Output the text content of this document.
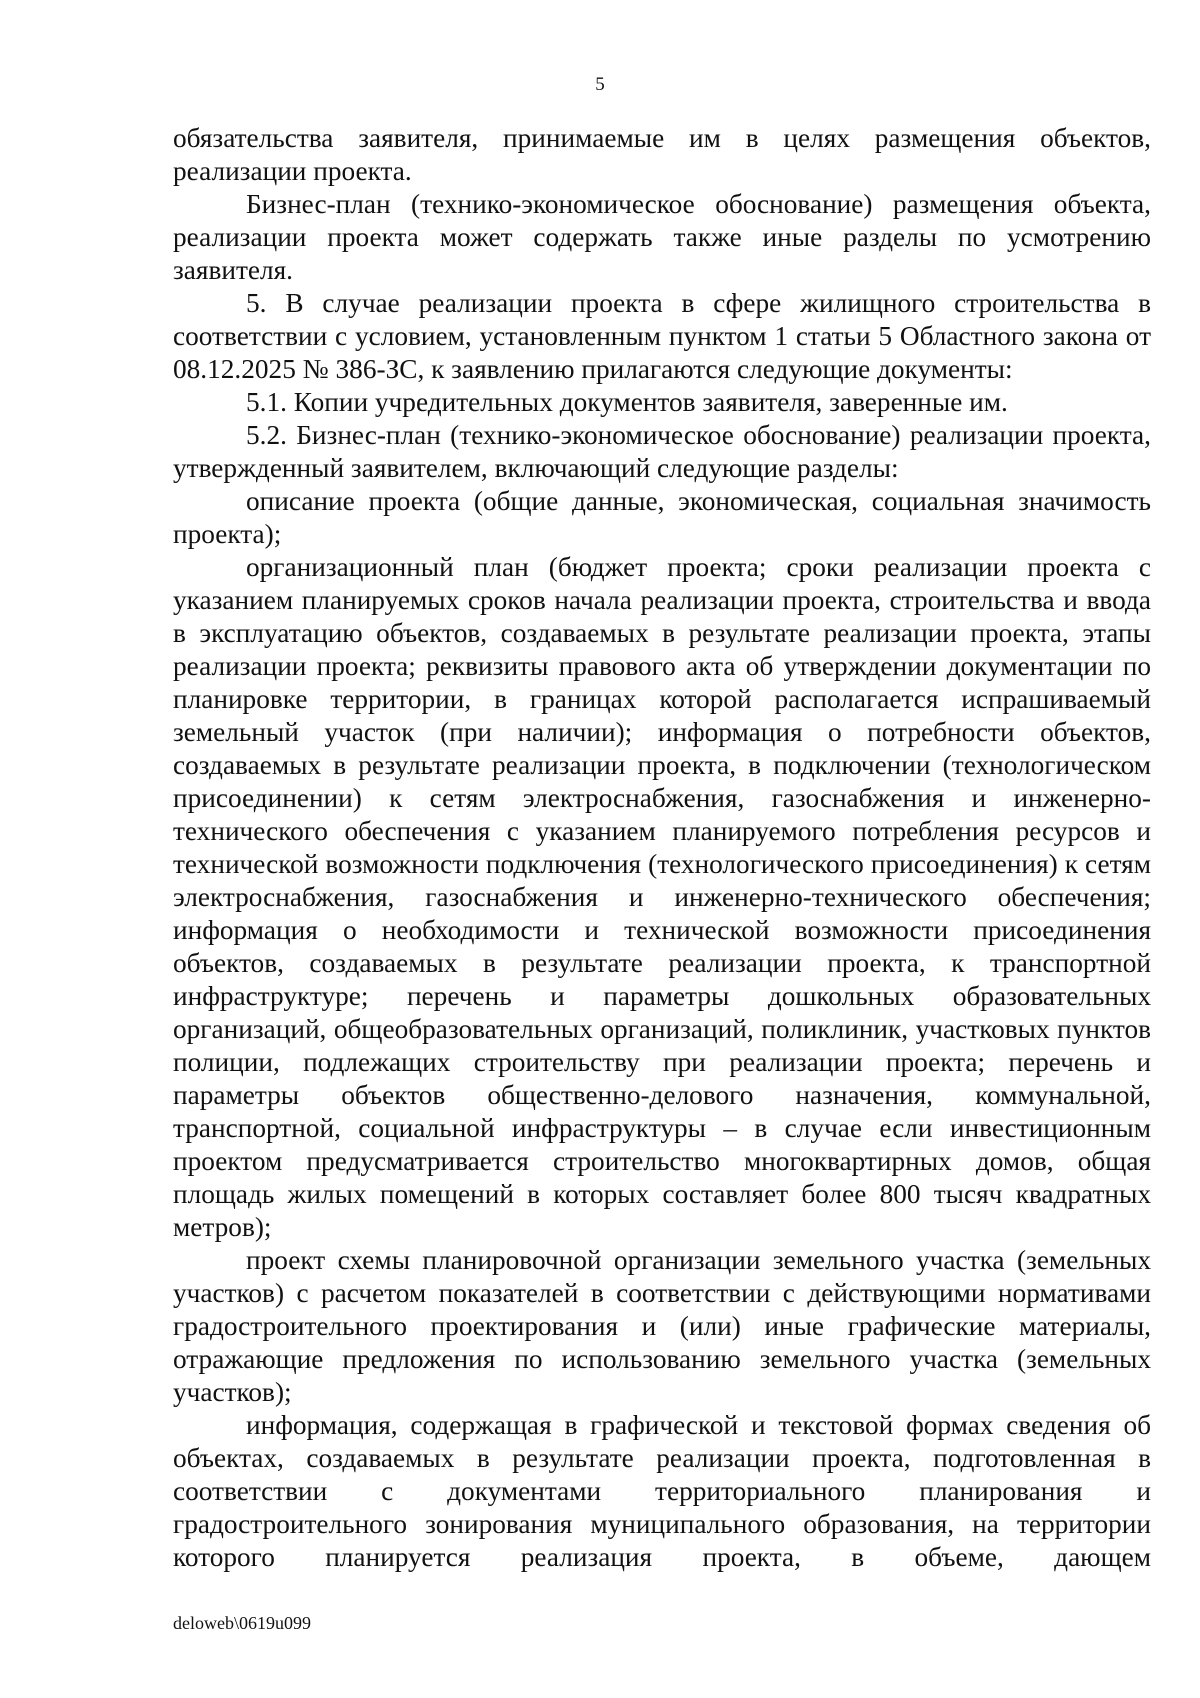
5

обязательства заявителя, принимаемые им в целях размещения объектов, реализации проекта.

Бизнес-план (технико-экономическое обоснование) размещения объекта, реализации проекта может содержать также иные разделы по усмотрению заявителя.

5. В случае реализации проекта в сфере жилищного строительства в соответствии с условием, установленным пунктом 1 статьи 5 Областного закона от 08.12.2025 № 386-ЗС, к заявлению прилагаются следующие документы:

5.1. Копии учредительных документов заявителя, заверенные им.

5.2. Бизнес-план (технико-экономическое обоснование) реализации проекта, утвержденный заявителем, включающий следующие разделы:

описание проекта (общие данные, экономическая, социальная значимость проекта);

организационный план (бюджет проекта; сроки реализации проекта с указанием планируемых сроков начала реализации проекта, строительства и ввода в эксплуатацию объектов, создаваемых в результате реализации проекта, этапы реализации проекта; реквизиты правового акта об утверждении документации по планировке территории, в границах которой располагается испрашиваемый земельный участок (при наличии); информация о потребности объектов, создаваемых в результате реализации проекта, в подключении (технологическом присоединении) к сетям электроснабжения, газоснабжения и инженерно-технического обеспечения с указанием планируемого потребления ресурсов и технической возможности подключения (технологического присоединения) к сетям электроснабжения, газоснабжения и инженерно-технического обеспечения; информация о необходимости и технической возможности присоединения объектов, создаваемых в результате реализации проекта, к транспортной инфраструктуре; перечень и параметры дошкольных образовательных организаций, общеобразовательных организаций, поликлиник, участковых пунктов полиции, подлежащих строительству при реализации проекта; перечень и параметры объектов общественно-делового назначения, коммунальной, транспортной, социальной инфраструктуры – в случае если инвестиционным проектом предусматривается строительство многоквартирных домов, общая площадь жилых помещений в которых составляет более 800 тысяч квадратных метров);

проект схемы планировочной организации земельного участка (земельных участков) с расчетом показателей в соответствии с действующими нормативами градостроительного проектирования и (или) иные графические материалы, отражающие предложения по использованию земельного участка (земельных участков);

информация, содержащая в графической и текстовой формах сведения об объектах, создаваемых в результате реализации проекта, подготовленная в соответствии с документами территориального планирования и градостроительного зонирования муниципального образования, на территории которого планируется реализация проекта, в объеме, дающем

deloweb\0619u099
